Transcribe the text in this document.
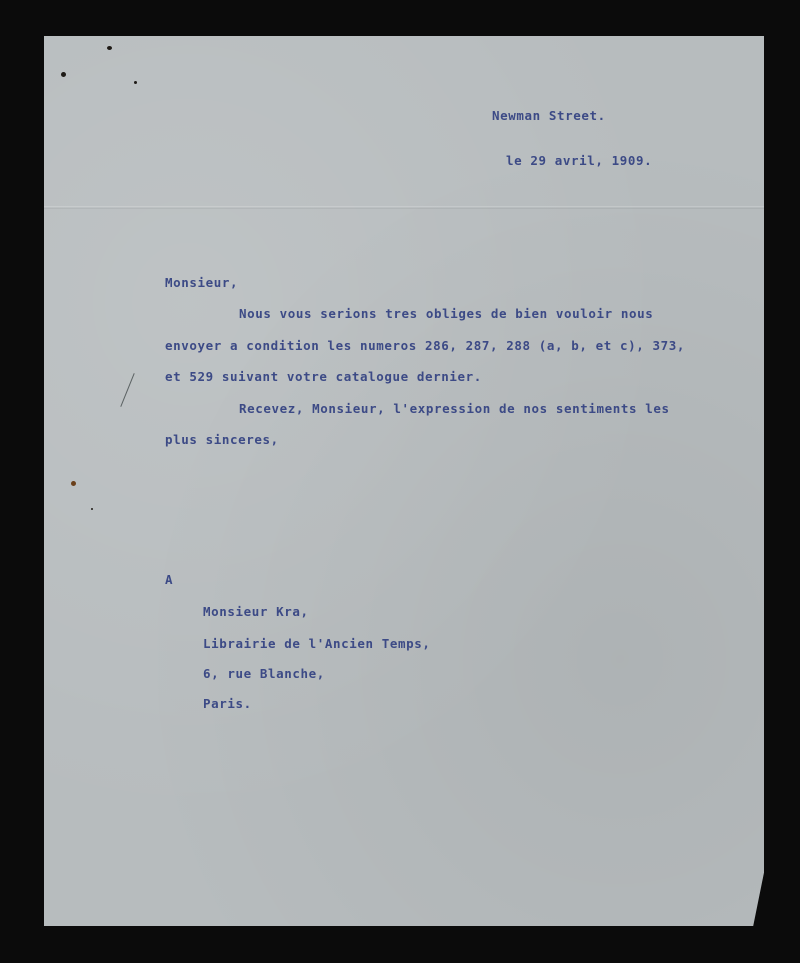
Newman Street.
le 29 avril, 1909.
Monsieur,
Nous vous serions tres obliges de bien vouloir nous
envoyer a condition les numeros 286, 287, 288 (a, b, et c), 373,
et 529 suivant votre catalogue dernier.
Recevez, Monsieur, l'expression de nos sentiments les
plus sinceres,
A
Monsieur Kra,
Librairie de l'Ancien Temps,
6, rue Blanche,
Paris.
